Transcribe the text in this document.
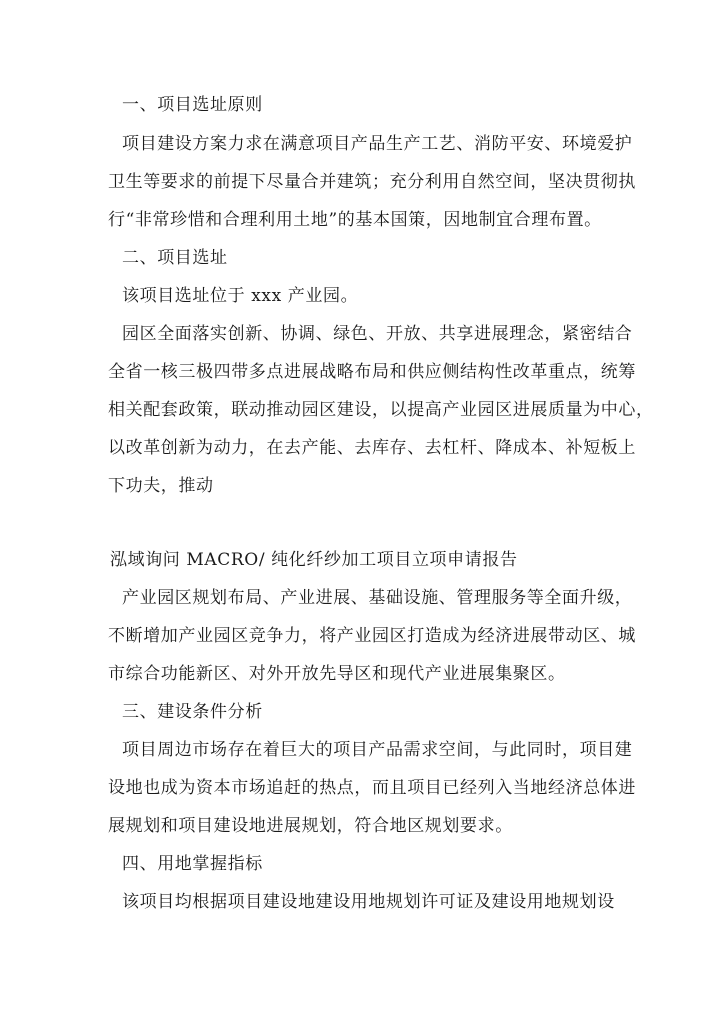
一、项目选址原则
项目建设方案力求在满意项目产品生产工艺、消防平安、环境爱护
卫生等要求的前提下尽量合并建筑；充分利用自然空间，坚决贯彻执
行“非常珍惜和合理利用土地”的基本国策，因地制宜合理布置。
二、项目选址
该项目选址位于 xxx 产业园。
园区全面落实创新、协调、绿色、开放、共享进展理念，紧密结合
全省一核三极四带多点进展战略布局和供应侧结构性改革重点，统筹
相关配套政策，联动推动园区建设，以提高产业园区进展质量为中心，
以改革创新为动力，在去产能、去库存、去杠杆、降成本、补短板上
下功夫，推动
泓域询问 MACRO/ 纯化纤纱加工项目立项申请报告
产业园区规划布局、产业进展、基础设施、管理服务等全面升级，
不断增加产业园区竞争力，将产业园区打造成为经济进展带动区、城
市综合功能新区、对外开放先导区和现代产业进展集聚区。
三、建设条件分析
项目周边市场存在着巨大的项目产品需求空间，与此同时，项目建
设地也成为资本市场追赶的热点，而且项目已经列入当地经济总体进
展规划和项目建设地进展规划，符合地区规划要求。
四、用地掌握指标
该项目均根据项目建设地建设用地规划许可证及建设用地规划设
